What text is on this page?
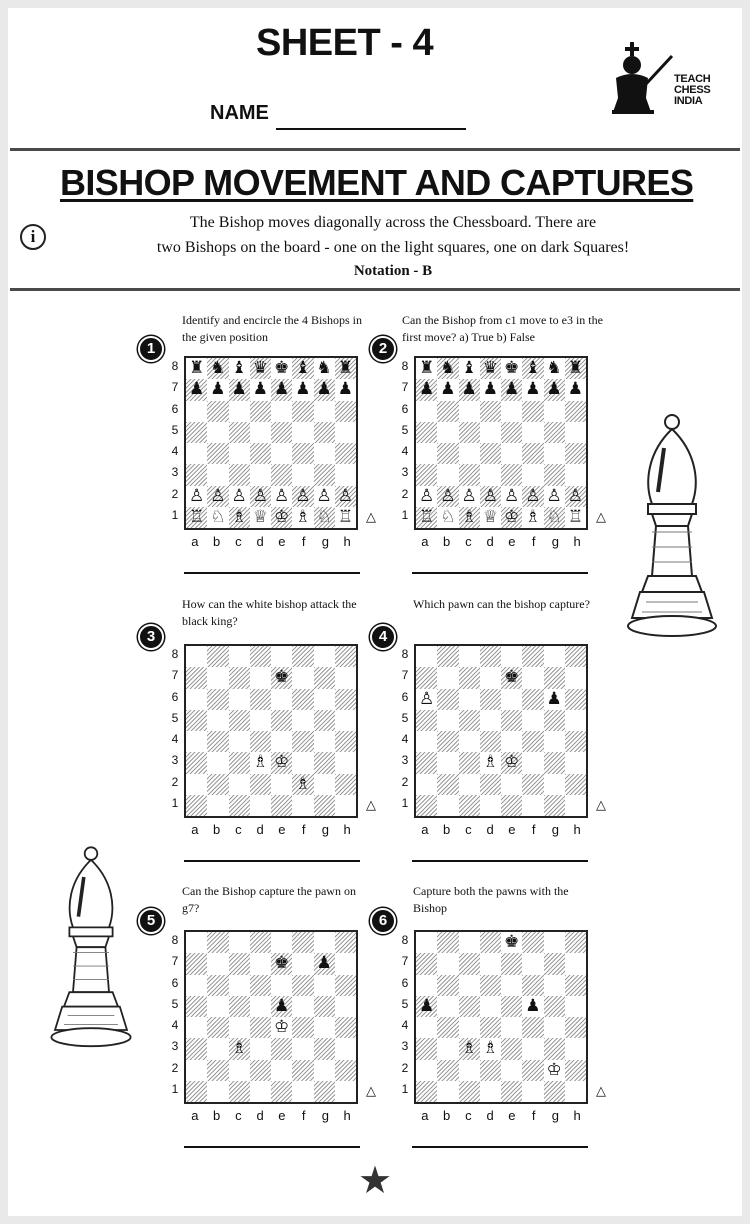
SHEET - 4
NAME
TEACH
CHESS
INDIA
BISHOP MOVEMENT AND CAPTURES
i
The Bishop moves diagonally across the Chessboard. There are
two Bishops on the board - one on the light squares, one on dark Squares!
Notation - B
Identify and encircle the 4 Bishops in the given position
1
8
7
6
5
4
3
2
1
♜ ♞ ♝ ♛ ♚ ♝ ♞ ♜
♟ ♟ ♟ ♟ ♟ ♟ ♟ ♟
♙ ♙ ♙ ♙ ♙ ♙ ♙ ♙
♖ ♘ ♗ ♕ ♔ ♗ ♘ ♖
a	b	c	d	e	f	g	h
△
Can the Bishop from c1 move to e3 in the first move? a) True b) False
2
8
7
6
5
4
3
2
1
♜ ♞ ♝ ♛ ♚ ♝ ♞ ♜
♟ ♟ ♟ ♟ ♟ ♟ ♟ ♟
♙ ♙ ♙ ♙ ♙ ♙ ♙ ♙
♖ ♘ ♗ ♕ ♔ ♗ ♘ ♖
a	b	c	d	e	f	g	h
△
How can the white bishop attack the black king?
3
8
7
6
5
4
3
2
1
♚
♗ ♔
♗
a	b	c	d	e	f	g	h
△
Which pawn can the bishop capture?
4
8
7
6
5
4
3
2
1
♚
♙	♟
♗ ♔
a	b	c	d	e	f	g	h
△
Can the Bishop capture the pawn on g7?
5
8
7
6
5
4
3
2
1
♚ ♟
♟
♔
♗
a	b	c	d	e	f	g	h
△
Capture both the pawns with the Bishop
6
8
7
6
5
4
3
2
1
♚
♟	♟
♗ ♗
♔
a	b	c	d	e	f	g	h
△
★
